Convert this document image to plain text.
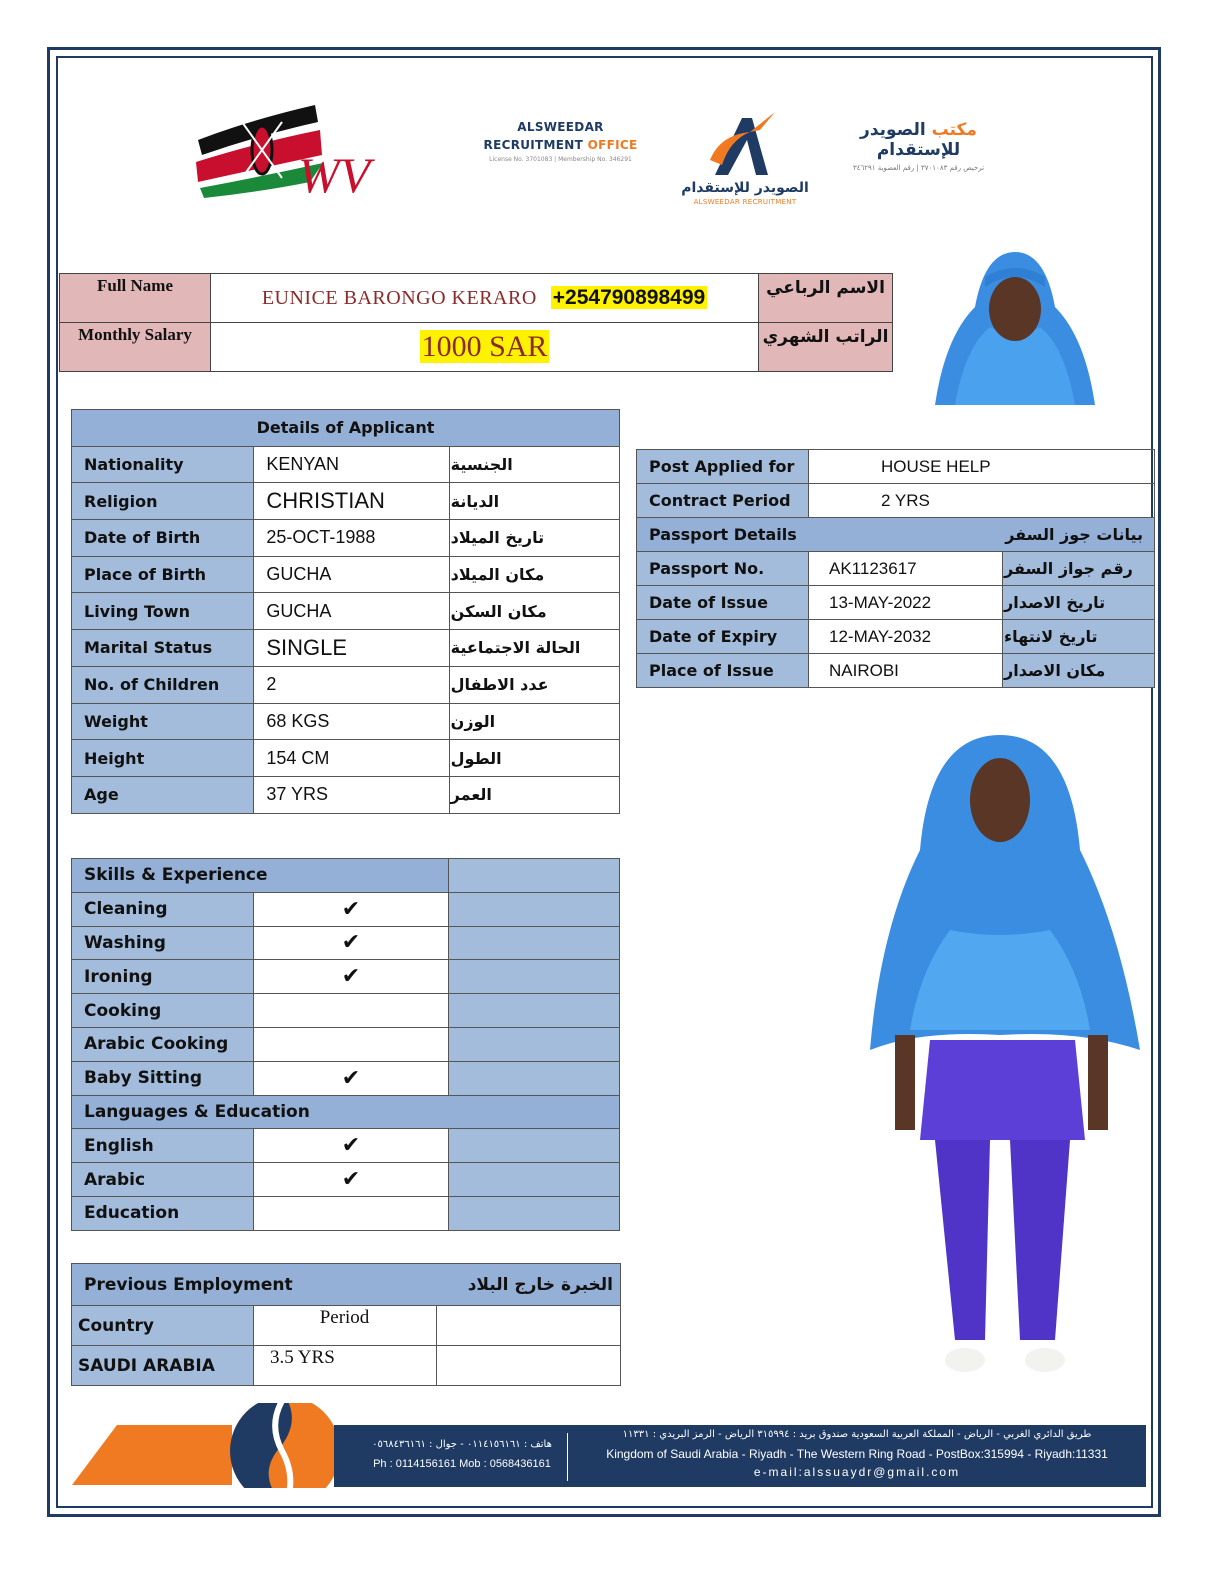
WV
ALSWEEDAR
RECRUITMENT OFFICE
License No. 3701083 | Membership No. 346291
الصويدر للإستقدام
ALSWEEDAR RECRUITMENT
مكتب الصويدر للإستقدام
ترخيص رقم ٣٧٠١٠٨٣ | رقم العضوية ٣٤٦٢٩١
Full Name	EUNICE BARONGO KERARO +254790898499	الاسم الرباعي
Monthly Salary	1000 SAR	الراتب الشهري
Details of Applicant		
Nationality	KENYAN	الجنسية
Religion	CHRISTIAN	الديانة
Date of Birth	25-OCT-1988	تاريخ الميلاد
Place of Birth	GUCHA	مكان الميلاد
Living Town	GUCHA	مكان السكن
Marital Status	SINGLE	الحالة الاجتماعية
No. of Children	2	عدد الاطفال
Weight	68 KGS	الوزن
Height	154 CM	الطول
Age	37 YRS	العمر
Post Applied for	HOUSE HELP	
Contract Period	2 YRS	
Passport Details بيانات جوز السفر		

Passport No.	AK1123617	رقم جواز السفر
Date of Issue	13-MAY-2022	تاريخ الاصدار
Date of Expiry	12-MAY-2032	تاريخ لانتهاء
Place of Issue	NAIROBI	مكان الاصدار
Skills & Experience		
Cleaning	✔	
Washing	✔	
Ironing	✔	
Cooking		
Arabic Cooking		
Baby Sitting	✔	
Languages & Education		
English	✔	
Arabic	✔	
Education		
Previous Employment الخبرة خارج البلاد		

Country	Period	
SAUDI ARABIA	3.5 YRS	
هاتف : ٠١١٤١٥٦١٦١ - جوال : ٠٥٦٨٤٣٦١٦١
Ph : 0114156161 Mob : 0568436161
طريق الدائري الغربي - الرياض - المملكة العربية السعودية صندوق بريد : ٣١٥٩٩٤ الرياض - الرمز البريدي : ١١٣٣١
Kingdom of Saudi Arabia - Riyadh - The Western Ring Road - PostBox:315994 - Riyadh:11331
e-mail:alssuaydr@gmail.com
